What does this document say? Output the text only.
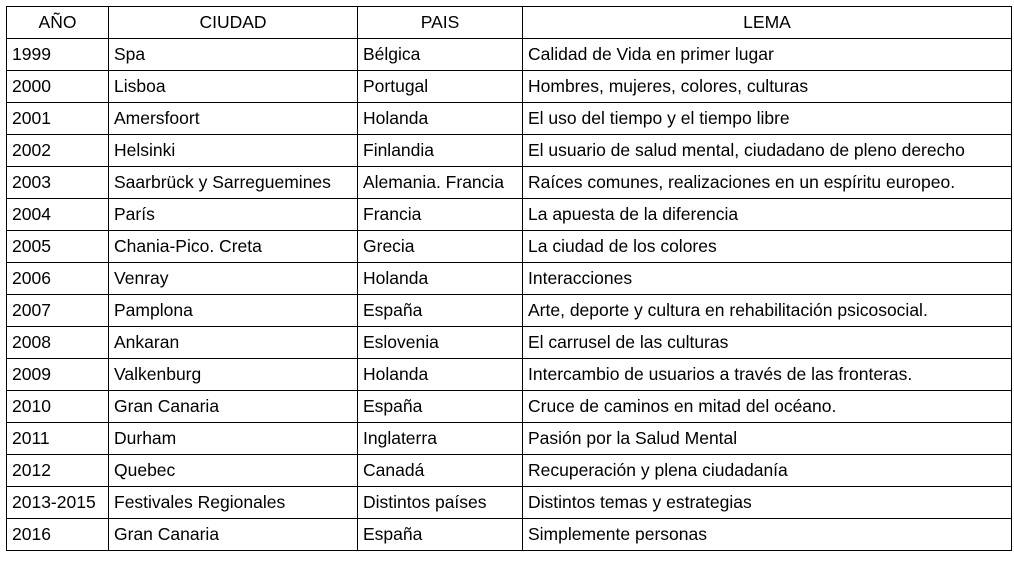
AÑO	CIUDAD	PAIS	LEMA
1999	Spa	Bélgica	Calidad de Vida en primer lugar
2000	Lisboa	Portugal	Hombres, mujeres, colores, culturas
2001	Amersfoort	Holanda	El uso del tiempo y el tiempo libre
2002	Helsinki	Finlandia	El usuario de salud mental, ciudadano de pleno derecho
2003	Saarbrück y Sarreguemines	Alemania. Francia	Raíces comunes, realizaciones en un espíritu europeo.
2004	París	Francia	La apuesta de la diferencia
2005	Chania-Pico. Creta	Grecia	La ciudad de los colores
2006	Venray	Holanda	Interacciones
2007	Pamplona	España	Arte, deporte y cultura en rehabilitación psicosocial.
2008	Ankaran	Eslovenia	El carrusel de las culturas
2009	Valkenburg	Holanda	Intercambio de usuarios a través de las fronteras.
2010	Gran Canaria	España	Cruce de caminos en mitad del océano.
2011	Durham	Inglaterra	Pasión por la Salud Mental
2012	Quebec	Canadá	Recuperación y plena ciudadanía
2013-2015	Festivales Regionales	Distintos países	Distintos temas y estrategias
2016	Gran Canaria	España	Simplemente personas
